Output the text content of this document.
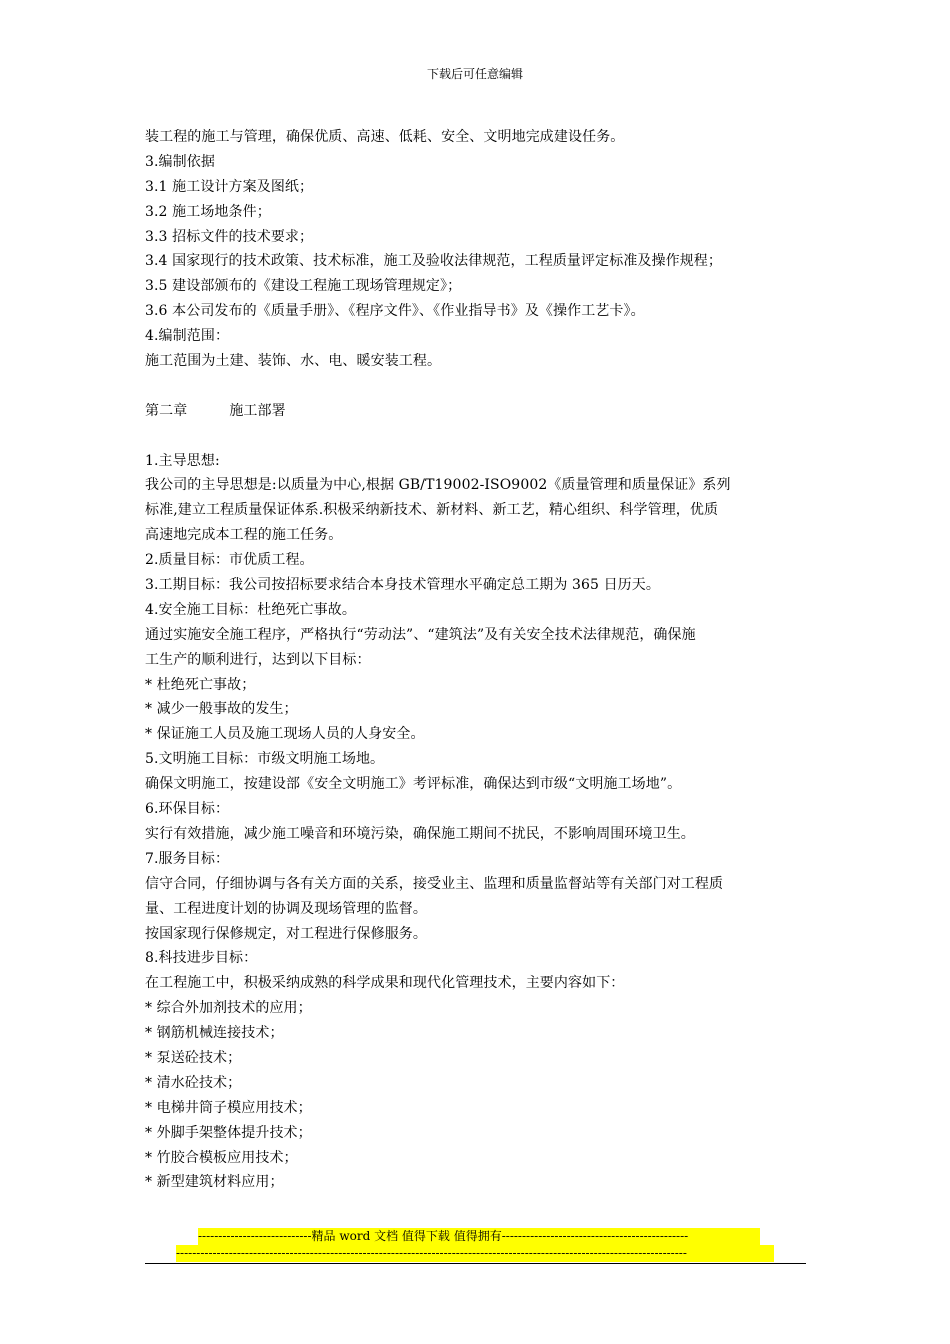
下载后可任意编辑
装工程的施工与管理，确保优质、高速、低耗、安全、文明地完成建设任务。
3.编制依据
3.1 施工设计方案及图纸；
3.2 施工场地条件；
3.3 招标文件的技术要求；
3.4 国家现行的技术政策、技术标准，施工及验收法律规范，工程质量评定标准及操作规程；
3.5 建设部颁布的《建设工程施工现场管理规定》；
3.6 本公司发布的《质量手册》、《程序文件》、《作业指导书》及《操作工艺卡》。
4.编制范围：
施工范围为土建、装饰、水、电、暖安装工程。
第二章	施工部署
1.主导思想:
我公司的主导思想是:以质量为中心,根据 GB/T19002-ISO9002《质量管理和质量保证》系列
标准,建立工程质量保证体系.积极采纳新技术、新材料、新工艺，精心组织、科学管理，优质
高速地完成本工程的施工任务。
2.质量目标：市优质工程。
3.工期目标：我公司按招标要求结合本身技术管理水平确定总工期为 365 日历天。
4.安全施工目标：杜绝死亡事故。
通过实施安全施工程序，严格执行“劳动法”、“建筑法”及有关安全技术法律规范，确保施
工生产的顺利进行，达到以下目标：
* 杜绝死亡事故；
* 减少一般事故的发生；
* 保证施工人员及施工现场人员的人身安全。
5.文明施工目标：市级文明施工场地。
确保文明施工，按建设部《安全文明施工》考评标准，确保达到市级“文明施工场地”。
6.环保目标：
实行有效措施，减少施工噪音和环境污染，确保施工期间不扰民，不影响周围环境卫生。
7.服务目标：
信守合同，仔细协调与各有关方面的关系，接受业主、监理和质量监督站等有关部门对工程质
量、工程进度计划的协调及现场管理的监督。
按国家现行保修规定，对工程进行保修服务。
8.科技进步目标：
在工程施工中，积极采纳成熟的科学成果和现代化管理技术，主要内容如下：
* 综合外加剂技术的应用；
* 钢筋机械连接技术；
* 泵送砼技术；
* 清水砼技术；
* 电梯井筒子模应用技术；
* 外脚手架整体提升技术；
* 竹胶合模板应用技术；
* 新型建筑材料应用；
----------------------------精品 word 文档 值得下载 值得拥有----------------------------------------------
------------------------------------------------------------------------------------------------------------------------------
